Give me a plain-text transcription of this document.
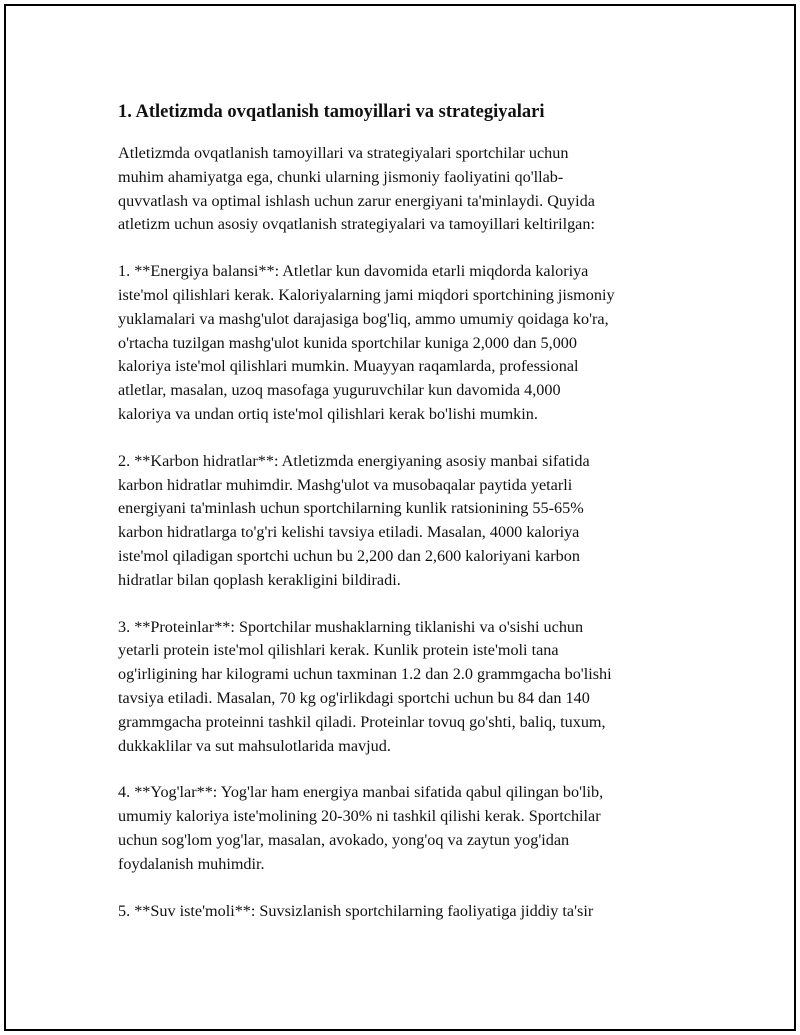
1. Atletizmda ovqatlanish tamoyillari va strategiyalari
Atletizmda ovqatlanish tamoyillari va strategiyalari sportchilar uchun
muhim ahamiyatga ega, chunki ularning jismoniy faoliyatini qo'llab-
quvvatlash va optimal ishlash uchun zarur energiyani ta'minlaydi. Quyida
atletizm uchun asosiy ovqatlanish strategiyalari va tamoyillari keltirilgan:
1. **Energiya balansi**: Atletlar kun davomida etarli miqdorda kaloriya
iste'mol qilishlari kerak. Kaloriyalarning jami miqdori sportchining jismoniy
yuklamalari va mashg'ulot darajasiga bog'liq, ammo umumiy qoidaga ko'ra,
o'rtacha tuzilgan mashg'ulot kunida sportchilar kuniga 2,000 dan 5,000
kaloriya iste'mol qilishlari mumkin. Muayyan raqamlarda, professional
atletlar, masalan, uzoq masofaga yuguruvchilar kun davomida 4,000
kaloriya va undan ortiq iste'mol qilishlari kerak bo'lishi mumkin.
2. **Karbon hidratlar**: Atletizmda energiyaning asosiy manbai sifatida
karbon hidratlar muhimdir. Mashg'ulot va musobaqalar paytida yetarli
energiyani ta'minlash uchun sportchilarning kunlik ratsionining 55-65%
karbon hidratlarga to'g'ri kelishi tavsiya etiladi. Masalan, 4000 kaloriya
iste'mol qiladigan sportchi uchun bu 2,200 dan 2,600 kaloriyani karbon
hidratlar bilan qoplash kerakligini bildiradi.
3. **Proteinlar**: Sportchilar mushaklarning tiklanishi va o'sishi uchun
yetarli protein iste'mol qilishlari kerak. Kunlik protein iste'moli tana
og'irligining har kilogrami uchun taxminan 1.2 dan 2.0 grammgacha bo'lishi
tavsiya etiladi. Masalan, 70 kg og'irlikdagi sportchi uchun bu 84 dan 140
grammgacha proteinni tashkil qiladi. Proteinlar tovuq go'shti, baliq, tuxum,
dukkaklilar va sut mahsulotlarida mavjud.
4. **Yog'lar**: Yog'lar ham energiya manbai sifatida qabul qilingan bo'lib,
umumiy kaloriya iste'molining 20-30% ni tashkil qilishi kerak. Sportchilar
uchun sog'lom yog'lar, masalan, avokado, yong'oq va zaytun yog'idan
foydalanish muhimdir.
5. **Suv iste'moli**: Suvsizlanish sportchilarning faoliyatiga jiddiy ta'sir
